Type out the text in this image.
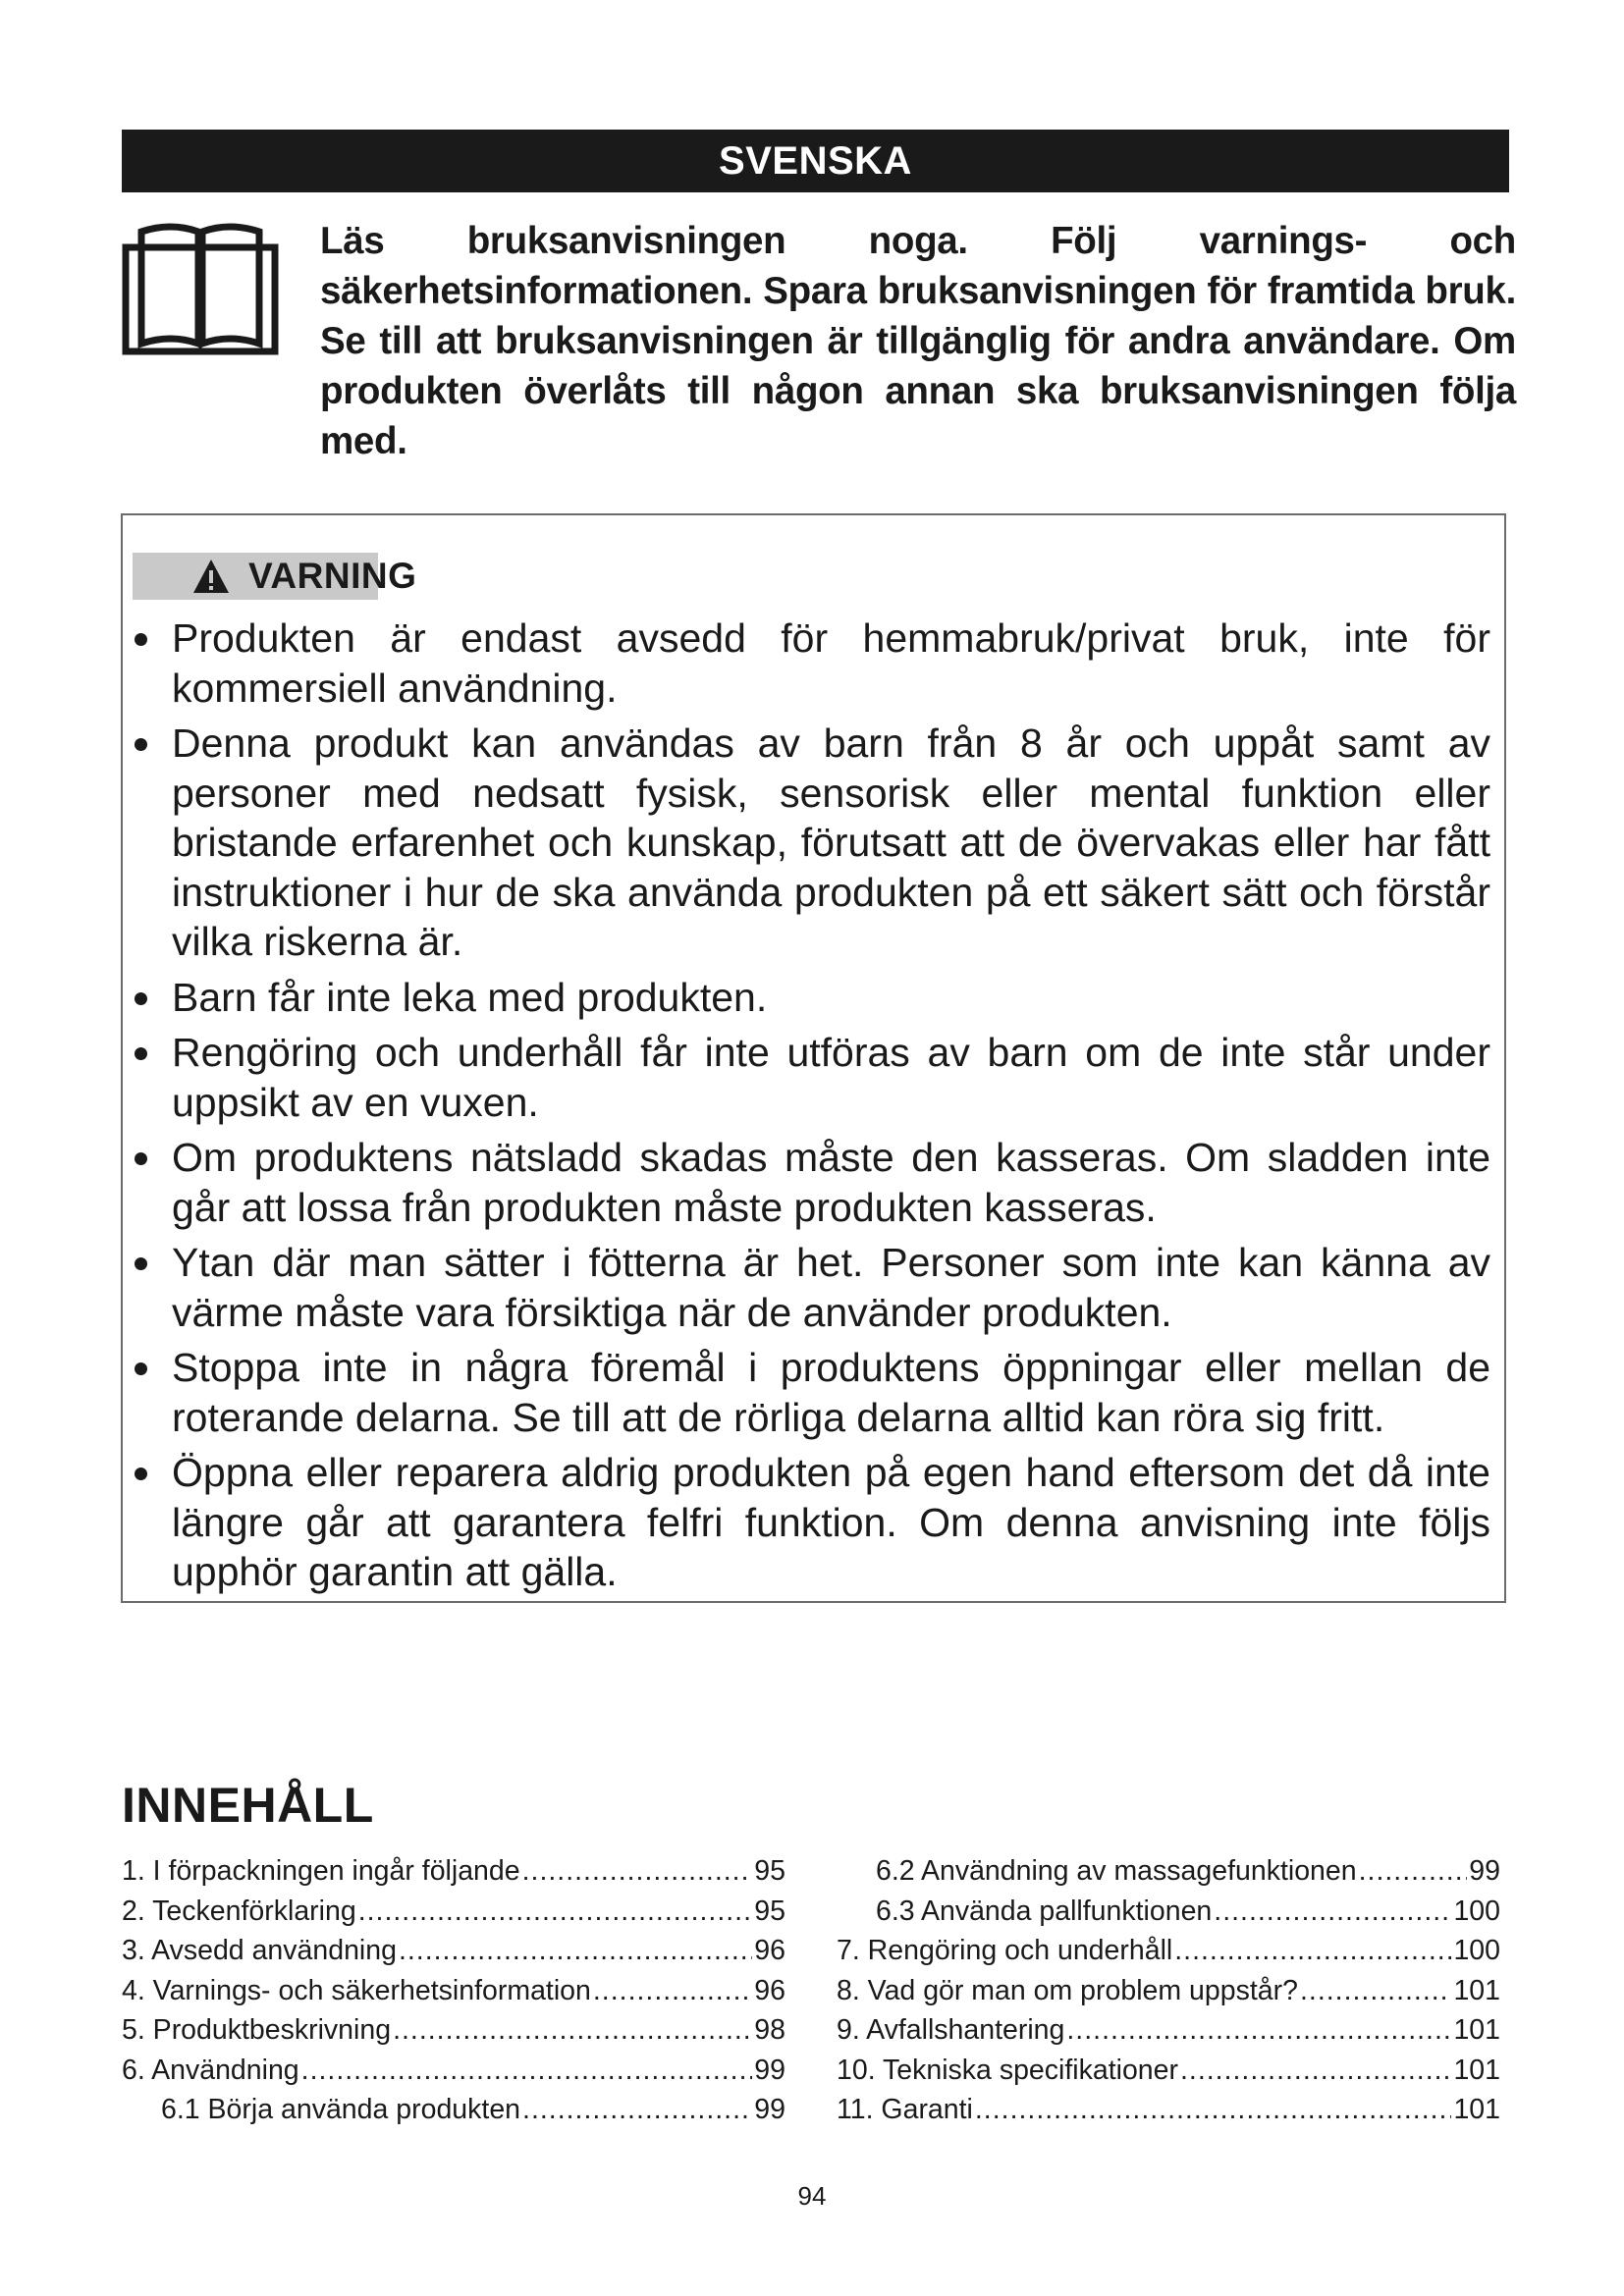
SVENSKA
Läs bruksanvisningen noga. Följ varnings- och säkerhetsinformationen. Spara bruksanvisningen för framtida bruk. Se till att bruksanvisningen är tillgänglig för andra användare. Om produkten överlåts till någon annan ska bruksanvisningen följa med.
VARNING
Produkten är endast avsedd för hemmabruk/privat bruk, inte för kommersiell användning.
Denna produkt kan användas av barn från 8 år och uppåt samt av personer med nedsatt fysisk, sensorisk eller mental funktion eller bristande erfarenhet och kunskap, förutsatt att de övervakas eller har fått instruktioner i hur de ska använda produkten på ett säkert sätt och förstår vilka riskerna är.
Barn får inte leka med produkten.
Rengöring och underhåll får inte utföras av barn om de inte står under uppsikt av en vuxen.
Om produktens nätsladd skadas måste den kasseras. Om sladden inte går att lossa från produkten måste produkten kasseras.
Ytan där man sätter i fötterna är het. Personer som inte kan känna av värme måste vara försiktiga när de använder produkten.
Stoppa inte in några föremål i produktens öppningar eller mellan de roterande delarna. Se till att de rörliga delarna alltid kan röra sig fritt.
Öppna eller reparera aldrig produkten på egen hand eftersom det då inte längre går att garantera felfri funktion. Om denna anvisning inte följs upphör garantin att gälla.
INNEHÅLL
1. I förpackningen ingår följande .....	95
2. Teckenförklaring .....	95
3. Avsedd användning .....	96
4. Varnings- och säkerhetsinformation .....	96
5. Produktbeskrivning .....	98
6. Användning .....	99
6.1 Börja använda produkten .....	99
6.2 Användning av massagefunktionen .....	99
6.3 Använda pallfunktionen .....	100
7. Rengöring och underhåll .....	100
8. Vad gör man om problem uppstår? .....	101
9. Avfallshantering .....	101
10. Tekniska specifikationer .....	101
11. Garanti .....	101
94
